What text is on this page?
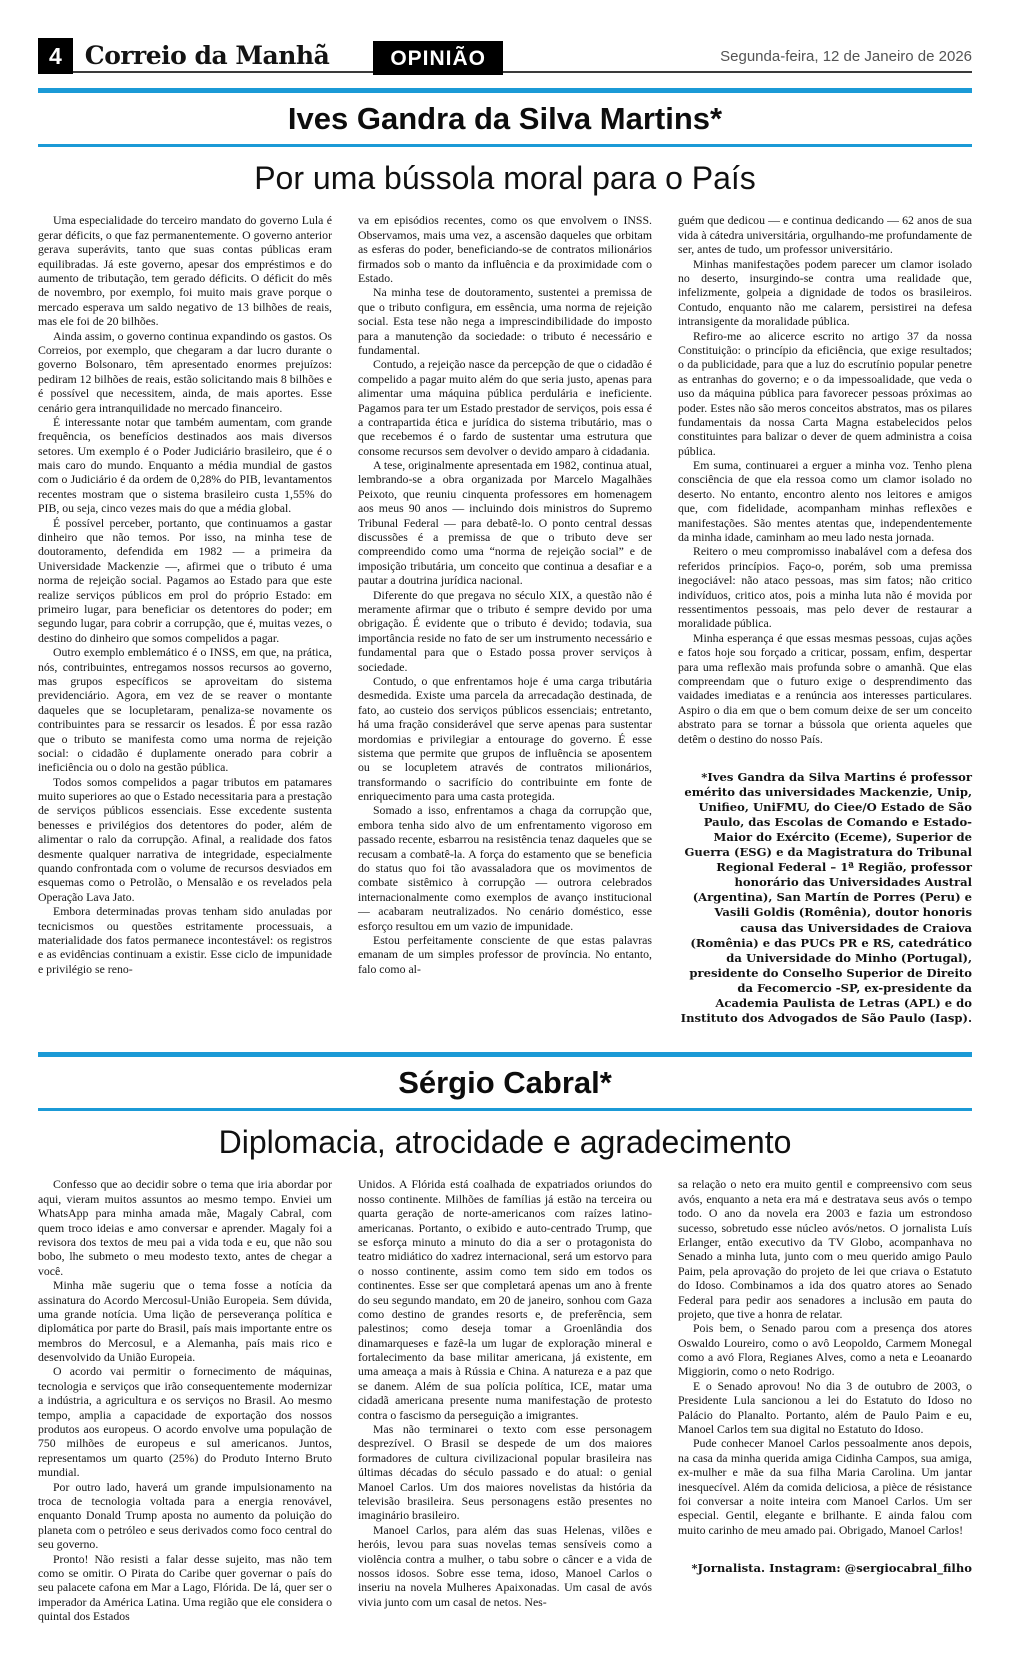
4 Correio da Manhã	OPINIÃO	Segunda-feira, 12 de Janeiro de 2026
Ives Gandra da Silva Martins*
Por uma bússola moral para o País

Uma especialidade do terceiro mandato do governo Lula é gerar déficits, o que faz permanentemente. O governo anterior gerava superávits, tanto que suas contas públicas eram equilibradas. Já este governo, apesar dos empréstimos e do aumento de tributação, tem gerado déficits. O déficit do mês de novembro, por exemplo, foi muito mais grave porque o mercado esperava um saldo negativo de 13 bilhões de reais, mas ele foi de 20 bilhões.

Ainda assim, o governo continua expandindo os gastos. Os Correios, por exemplo, que chegaram a dar lucro durante o governo Bolsonaro, têm apresentado enormes prejuízos: pediram 12 bilhões de reais, estão solicitando mais 8 bilhões e é possível que necessitem, ainda, de mais aportes. Esse cenário gera intranquilidade no mercado financeiro.

É interessante notar que também aumentam, com grande frequência, os benefícios destinados aos mais diversos setores. Um exemplo é o Poder Judiciário brasileiro, que é o mais caro do mundo. Enquanto a média mundial de gastos com o Judiciário é da ordem de 0,28% do PIB, levantamentos recentes mostram que o sistema brasileiro custa 1,55% do PIB, ou seja, cinco vezes mais do que a média global.

É possível perceber, portanto, que continuamos a gastar dinheiro que não temos. Por isso, na minha tese de doutoramento, defendida em 1982 — a primeira da Universidade Mackenzie —, afirmei que o tributo é uma norma de rejeição social. Pagamos ao Estado para que este realize serviços públicos em prol do próprio Estado: em primeiro lugar, para beneficiar os detentores do poder; em segundo lugar, para cobrir a corrupção, que é, muitas vezes, o destino do dinheiro que somos compelidos a pagar.

Outro exemplo emblemático é o INSS, em que, na prática, nós, contribuintes, entregamos nossos recursos ao governo, mas grupos específicos se aproveitam do sistema previdenciário. Agora, em vez de se reaver o montante daqueles que se locupletaram, penaliza-se novamente os contribuintes para se ressarcir os lesados. É por essa razão que o tributo se manifesta como uma norma de rejeição social: o cidadão é duplamente onerado para cobrir a ineficiência ou o dolo na gestão pública.

Todos somos compelidos a pagar tributos em patamares muito superiores ao que o Estado necessitaria para a prestação de serviços públicos essenciais. Esse excedente sustenta benesses e privilégios dos detentores do poder, além de alimentar o ralo da corrupção. Afinal, a realidade dos fatos desmente qualquer narrativa de integridade, especialmente quando confrontada com o volume de recursos desviados em esquemas como o Petrolão, o Mensalão e os revelados pela Operação Lava Jato.

Embora determinadas provas tenham sido anuladas por tecnicismos ou questões estritamente processuais, a materialidade dos fatos permanece incontestável: os registros e as evidências continuam a existir. Esse ciclo de impunidade e privilégio se reno-

va em episódios recentes, como os que envolvem o INSS. Observamos, mais uma vez, a ascensão daqueles que orbitam as esferas do poder, beneficiando-se de contratos milionários firmados sob o manto da influência e da proximidade com o Estado.

Na minha tese de doutoramento, sustentei a premissa de que o tributo configura, em essência, uma norma de rejeição social. Esta tese não nega a imprescindibilidade do imposto para a manutenção da sociedade: o tributo é necessário e fundamental.

Contudo, a rejeição nasce da percepção de que o cidadão é compelido a pagar muito além do que seria justo, apenas para alimentar uma máquina pública perdulária e ineficiente. Pagamos para ter um Estado prestador de serviços, pois essa é a contrapartida ética e jurídica do sistema tributário, mas o que recebemos é o fardo de sustentar uma estrutura que consome recursos sem devolver o devido amparo à cidadania.

A tese, originalmente apresentada em 1982, continua atual, lembrando-se a obra organizada por Marcelo Magalhães Peixoto, que reuniu cinquenta professores em homenagem aos meus 90 anos — incluindo dois ministros do Supremo Tribunal Federal — para debatê-lo. O ponto central dessas discussões é a premissa de que o tributo deve ser compreendido como uma “norma de rejeição social” e de imposição tributária, um conceito que continua a desafiar e a pautar a doutrina jurídica nacional.

Diferente do que pregava no século XIX, a questão não é meramente afirmar que o tributo é sempre devido por uma obrigação. É evidente que o tributo é devido; todavia, sua importância reside no fato de ser um instrumento necessário e fundamental para que o Estado possa prover serviços à sociedade.

Contudo, o que enfrentamos hoje é uma carga tributária desmedida. Existe uma parcela da arrecadação destinada, de fato, ao custeio dos serviços públicos essenciais; entretanto, há uma fração considerável que serve apenas para sustentar mordomias e privilegiar a entourage do governo. É esse sistema que permite que grupos de influência se aposentem ou se locupletem através de contratos milionários, transformando o sacrifício do contribuinte em fonte de enriquecimento para uma casta protegida.

Somado a isso, enfrentamos a chaga da corrupção que, embora tenha sido alvo de um enfrentamento vigoroso em passado recente, esbarrou na resistência tenaz daqueles que se recusam a combatê-la. A força do estamento que se beneficia do status quo foi tão avassaladora que os movimentos de combate sistêmico à corrupção — outrora celebrados internacionalmente como exemplos de avanço institucional — acabaram neutralizados. No cenário doméstico, esse esforço resultou em um vazio de impunidade.

Estou perfeitamente consciente de que estas palavras emanam de um simples professor de província. No entanto, falo como al-

guém que dedicou — e continua dedicando — 62 anos de sua vida à cátedra universitária, orgulhando-me profundamente de ser, antes de tudo, um professor universitário.

Minhas manifestações podem parecer um clamor isolado no deserto, insurgindo-se contra uma realidade que, infelizmente, golpeia a dignidade de todos os brasileiros. Contudo, enquanto não me calarem, persistirei na defesa intransigente da moralidade pública.

Refiro-me ao alicerce escrito no artigo 37 da nossa Constituição: o princípio da eficiência, que exige resultados; o da publicidade, para que a luz do escrutínio popular penetre as entranhas do governo; e o da impessoalidade, que veda o uso da máquina pública para favorecer pessoas próximas ao poder. Estes não são meros conceitos abstratos, mas os pilares fundamentais da nossa Carta Magna estabelecidos pelos constituintes para balizar o dever de quem administra a coisa pública.

Em suma, continuarei a erguer a minha voz. Tenho plena consciência de que ela ressoa como um clamor isolado no deserto. No entanto, encontro alento nos leitores e amigos que, com fidelidade, acompanham minhas reflexões e manifestações. São mentes atentas que, independentemente da minha idade, caminham ao meu lado nesta jornada.

Reitero o meu compromisso inabalável com a defesa dos referidos princípios. Faço-o, porém, sob uma premissa inegociável: não ataco pessoas, mas sim fatos; não critico indivíduos, critico atos, pois a minha luta não é movida por ressentimentos pessoais, mas pelo dever de restaurar a moralidade pública.

Minha esperança é que essas mesmas pessoas, cujas ações e fatos hoje sou forçado a criticar, possam, enfim, despertar para uma reflexão mais profunda sobre o amanhã. Que elas compreendam que o futuro exige o desprendimento das vaidades imediatas e a renúncia aos interesses particulares. Aspiro o dia em que o bem comum deixe de ser um conceito abstrato para se tornar a bússola que orienta aqueles que detêm o destino do nosso País.

*Ives Gandra da Silva Martins é professor emérito das universidades Mackenzie, Unip, Unifieo, UniFMU, do Ciee/O Estado de São Paulo, das Escolas de Comando e Estado-Maior do Exército (Eceme), Superior de Guerra (ESG) e da Magistratura do Tribunal Regional Federal – 1ª Região, professor honorário das Universidades Austral (Argentina), San Martín de Porres (Peru) e Vasili Goldis (Romênia), doutor honoris causa das Universidades de Craiova (Romênia) e das PUCs PR e RS, catedrático da Universidade do Minho (Portugal), presidente do Conselho Superior de Direito da Fecomercio -SP, ex-presidente da Academia Paulista de Letras (APL) e do Instituto dos Advogados de São Paulo (Iasp).

Sérgio Cabral*
Diplomacia, atrocidade e agradecimento

Confesso que ao decidir sobre o tema que iria abordar por aqui, vieram muitos assuntos ao mesmo tempo. Enviei um WhatsApp para minha amada mãe, Magaly Cabral, com quem troco ideias e amo conversar e aprender. Magaly foi a revisora dos textos de meu pai a vida toda e eu, que não sou bobo, lhe submeto o meu modesto texto, antes de chegar a você.

Minha mãe sugeriu que o tema fosse a notícia da assinatura do Acordo Mercosul-União Europeia. Sem dúvida, uma grande notícia. Uma lição de perseverança política e diplomática por parte do Brasil, país mais importante entre os membros do Mercosul, e a Alemanha, país mais rico e desenvolvido da União Europeia.

O acordo vai permitir o fornecimento de máquinas, tecnologia e serviços que irão consequentemente modernizar a indústria, a agricultura e os serviços no Brasil. Ao mesmo tempo, amplia a capacidade de exportação dos nossos produtos aos europeus. O acordo envolve uma população de 750 milhões de europeus e sul americanos. Juntos, representamos um quarto (25%) do Produto Interno Bruto mundial.

Por outro lado, haverá um grande impulsionamento na troca de tecnologia voltada para a energia renovável, enquanto Donald Trump aposta no aumento da poluição do planeta com o petróleo e seus derivados como foco central do seu governo.

Pronto! Não resisti a falar desse sujeito, mas não tem como se omitir. O Pirata do Caribe quer governar o país do seu palacete cafona em Mar a Lago, Flórida. De lá, quer ser o imperador da América Latina. Uma região que ele considera o quintal dos Estados

Unidos. A Flórida está coalhada de expatriados oriundos do nosso continente. Milhões de famílias já estão na terceira ou quarta geração de norte-americanos com raízes latino-americanas. Portanto, o exibido e auto-centrado Trump, que se esforça minuto a minuto do dia a ser o protagonista do teatro midiático do xadrez internacional, será um estorvo para o nosso continente, assim como tem sido em todos os continentes. Esse ser que completará apenas um ano à frente do seu segundo mandato, em 20 de janeiro, sonhou com Gaza como destino de grandes resorts e, de preferência, sem palestinos; como deseja tomar a Groenlândia dos dinamarqueses e fazê-la um lugar de exploração mineral e fortalecimento da base militar americana, já existente, em uma ameaça a mais à Rússia e China. A natureza e a paz que se danem. Além de sua polícia política, ICE, matar uma cidadã americana presente numa manifestação de protesto contra o fascismo da perseguição a imigrantes.

Mas não terminarei o texto com esse personagem desprezível. O Brasil se despede de um dos maiores formadores de cultura civilizacional popular brasileira nas últimas décadas do século passado e do atual: o genial Manoel Carlos. Um dos maiores novelistas da história da televisão brasileira. Seus personagens estão presentes no imaginário brasileiro.

Manoel Carlos, para além das suas Helenas, vilões e heróis, levou para suas novelas temas sensíveis como a violência contra a mulher, o tabu sobre o câncer e a vida de nossos idosos. Sobre esse tema, idoso, Manoel Carlos o inseriu na novela Mulheres Apaixonadas. Um casal de avós vivia junto com um casal de netos. Nes-

sa relação o neto era muito gentil e compreensivo com seus avós, enquanto a neta era má e destratava seus avós o tempo todo. O ano da novela era 2003 e fazia um estrondoso sucesso, sobretudo esse núcleo avós/netos. O jornalista Luís Erlanger, então executivo da TV Globo, acompanhava no Senado a minha luta, junto com o meu querido amigo Paulo Paim, pela aprovação do projeto de lei que criava o Estatuto do Idoso. Combinamos a ida dos quatro atores ao Senado Federal para pedir aos senadores a inclusão em pauta do projeto, que tive a honra de relatar.

Pois bem, o Senado parou com a presença dos atores Oswaldo Loureiro, como o avô Leopoldo, Carmem Monegal como a avó Flora, Regianes Alves, como a neta e Leoanardo Miggiorin, como o neto Rodrigo.

E o Senado aprovou! No dia 3 de outubro de 2003, o Presidente Lula sancionou a lei do Estatuto do Idoso no Palácio do Planalto. Portanto, além de Paulo Paim e eu, Manoel Carlos tem sua digital no Estatuto do Idoso.

Pude conhecer Manoel Carlos pessoalmente anos depois, na casa da minha querida amiga Cidinha Campos, sua amiga, ex-mulher e mãe da sua filha Maria Carolina. Um jantar inesquecível. Além da comida deliciosa, a pièce de résistance foi conversar a noite inteira com Manoel Carlos. Um ser especial. Gentil, elegante e brilhante. E ainda falou com muito carinho de meu amado pai. Obrigado, Manoel Carlos!

*Jornalista. Instagram: @sergiocabral_filho
